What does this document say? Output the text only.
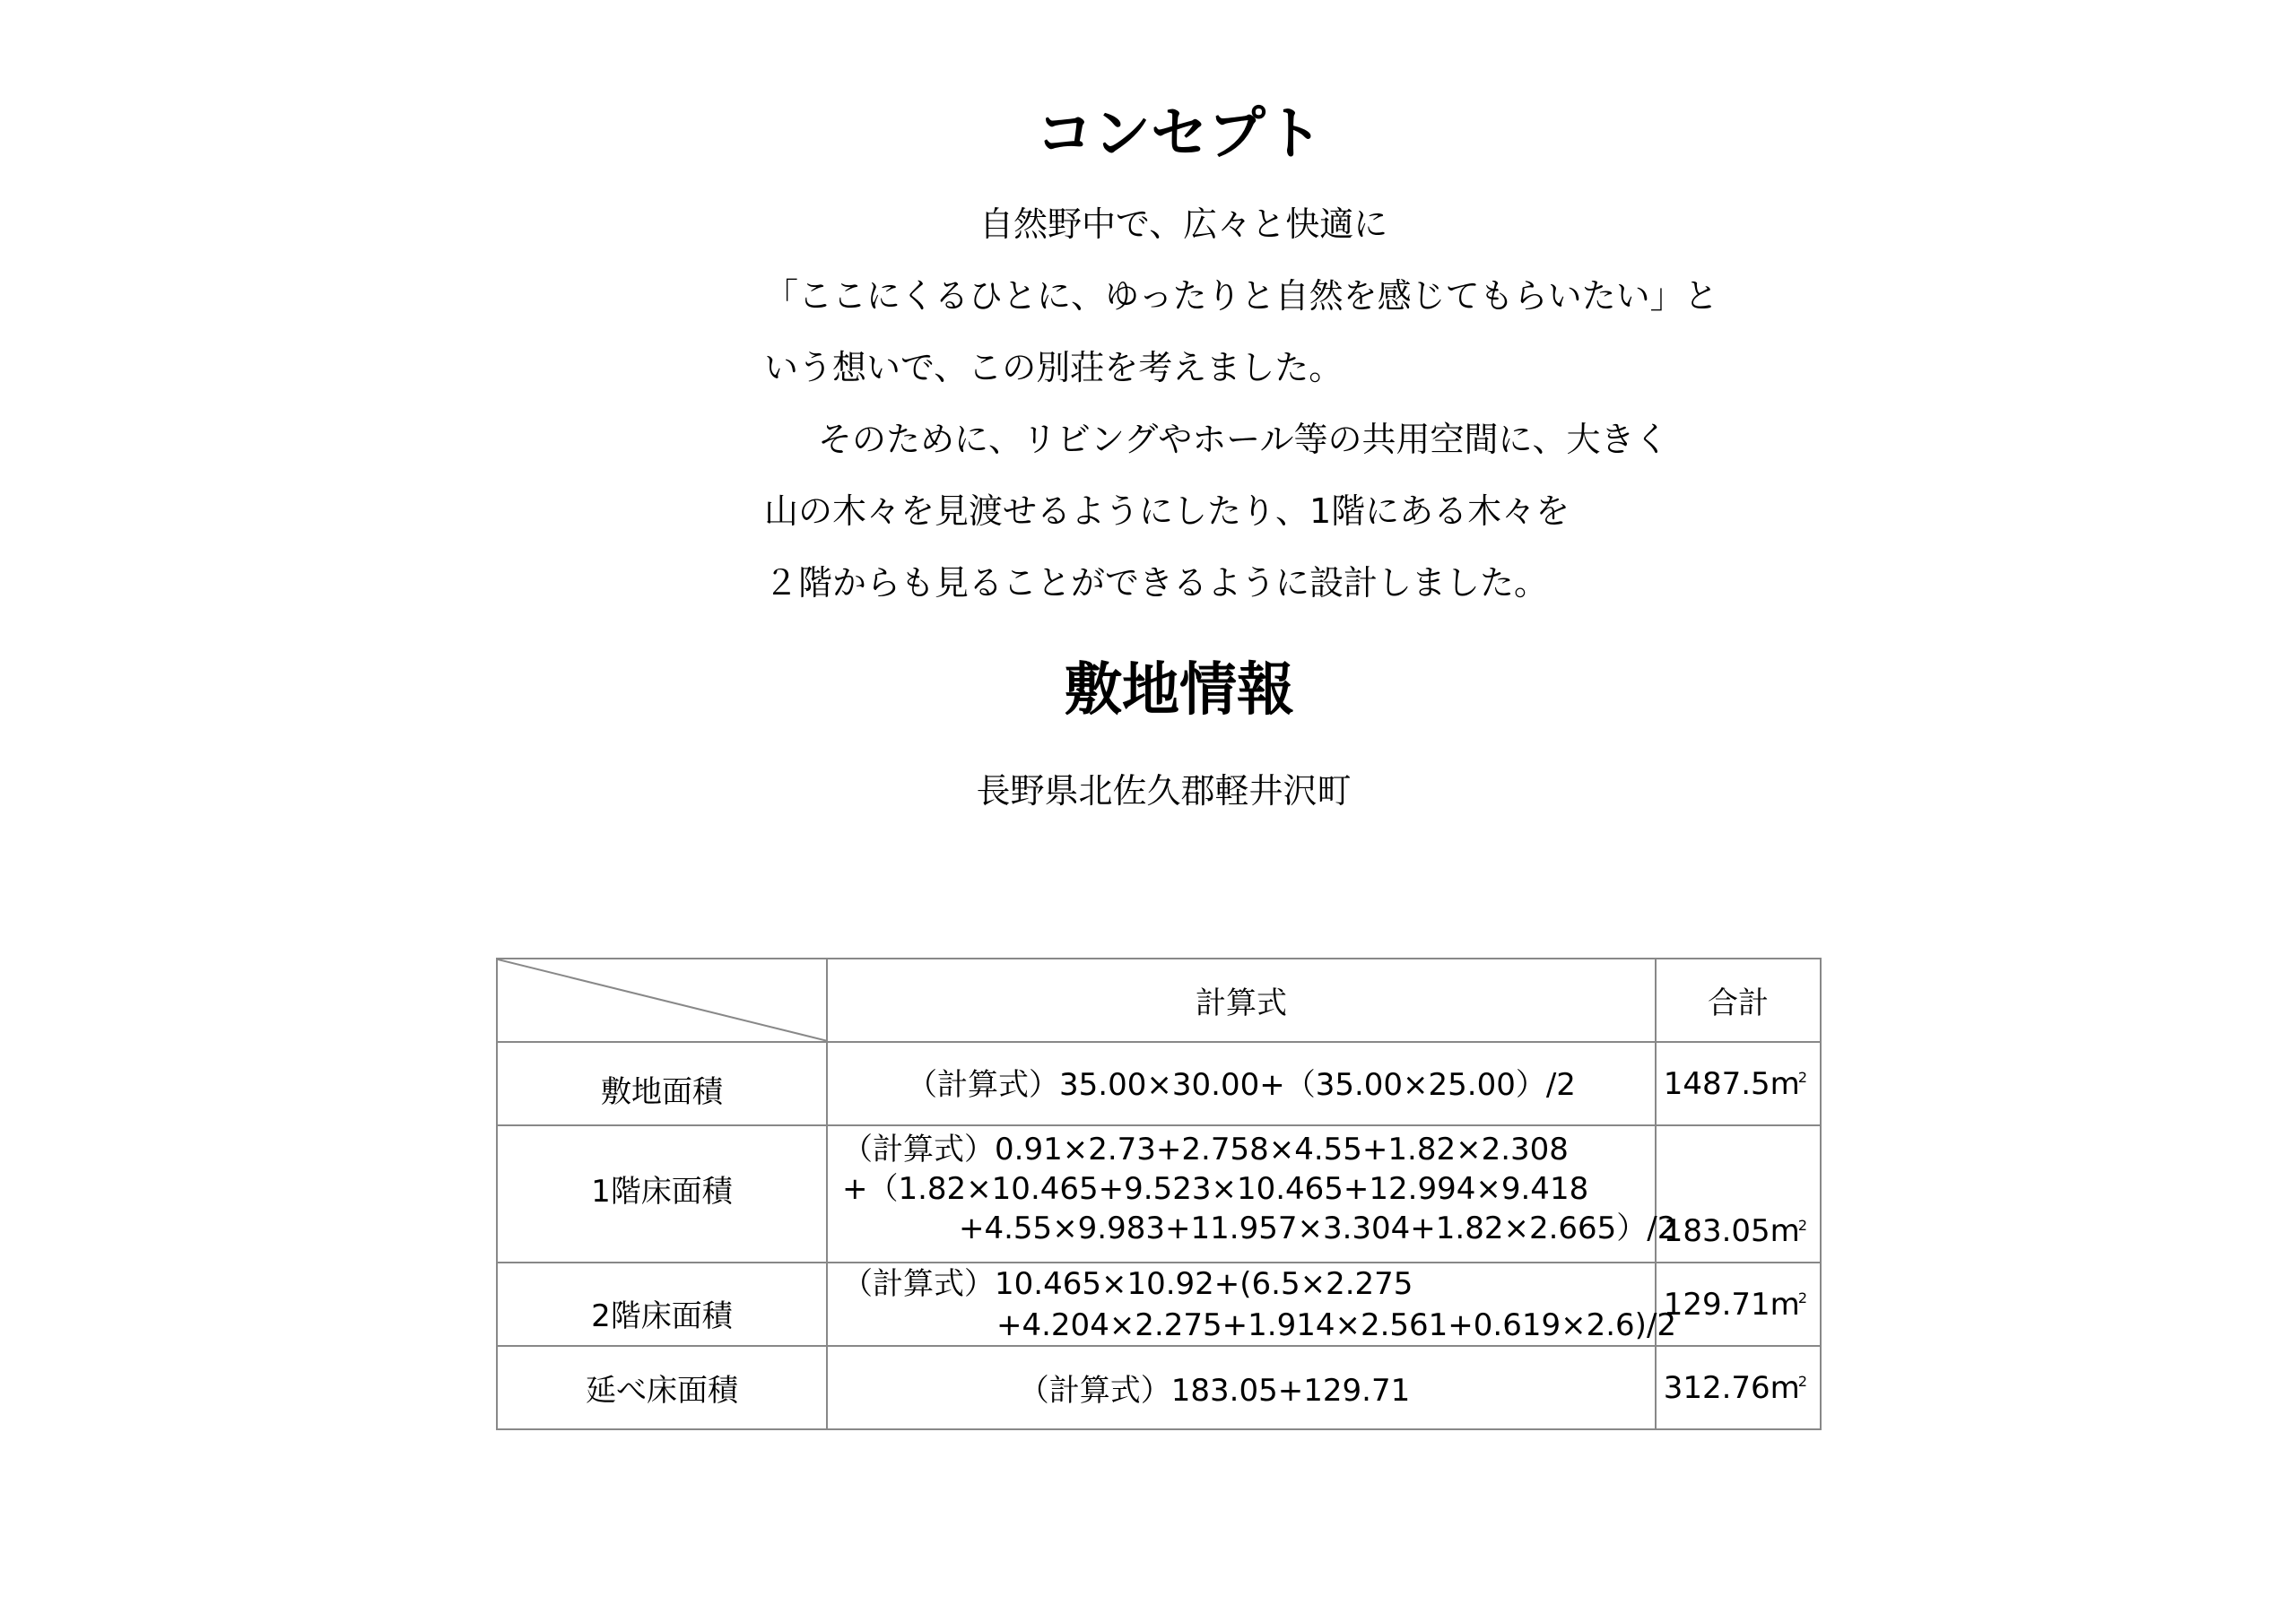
コンセプト
自然野中で、広々と快適に
「ここにくるひとに、ゆったりと自然を感じてもらいたい」と
いう想いで、この別荘を考えました。
そのために、リビングやホール等の共用空間に、大きく
山の木々を見渡せるようにしたり、1階にある木々を
２階からも見ることができるように設計しました。
敷地情報
長野県北佐久郡軽井沢町
	計算式	合計

敷地面積	（計算式）35.00×30.00+（35.00×25.00）/2	$1487.5m^2$

1階床面積	（計算式）0.91×2.73+2.758×4.55+1.82×2.308
+（1.82×10.465+9.523×10.465+12.994×9.418
+4.55×9.983+11.957×3.304+1.82×2.665）/2	$183.05m^2$

2階床面積	（計算式）10.465×10.92+(6.5×2.275
+4.204×2.275+1.914×2.561+0.619×2.6)/2	$129.71m^2$

延べ床面積	（計算式）183.05+129.71	$312.76m^2$
